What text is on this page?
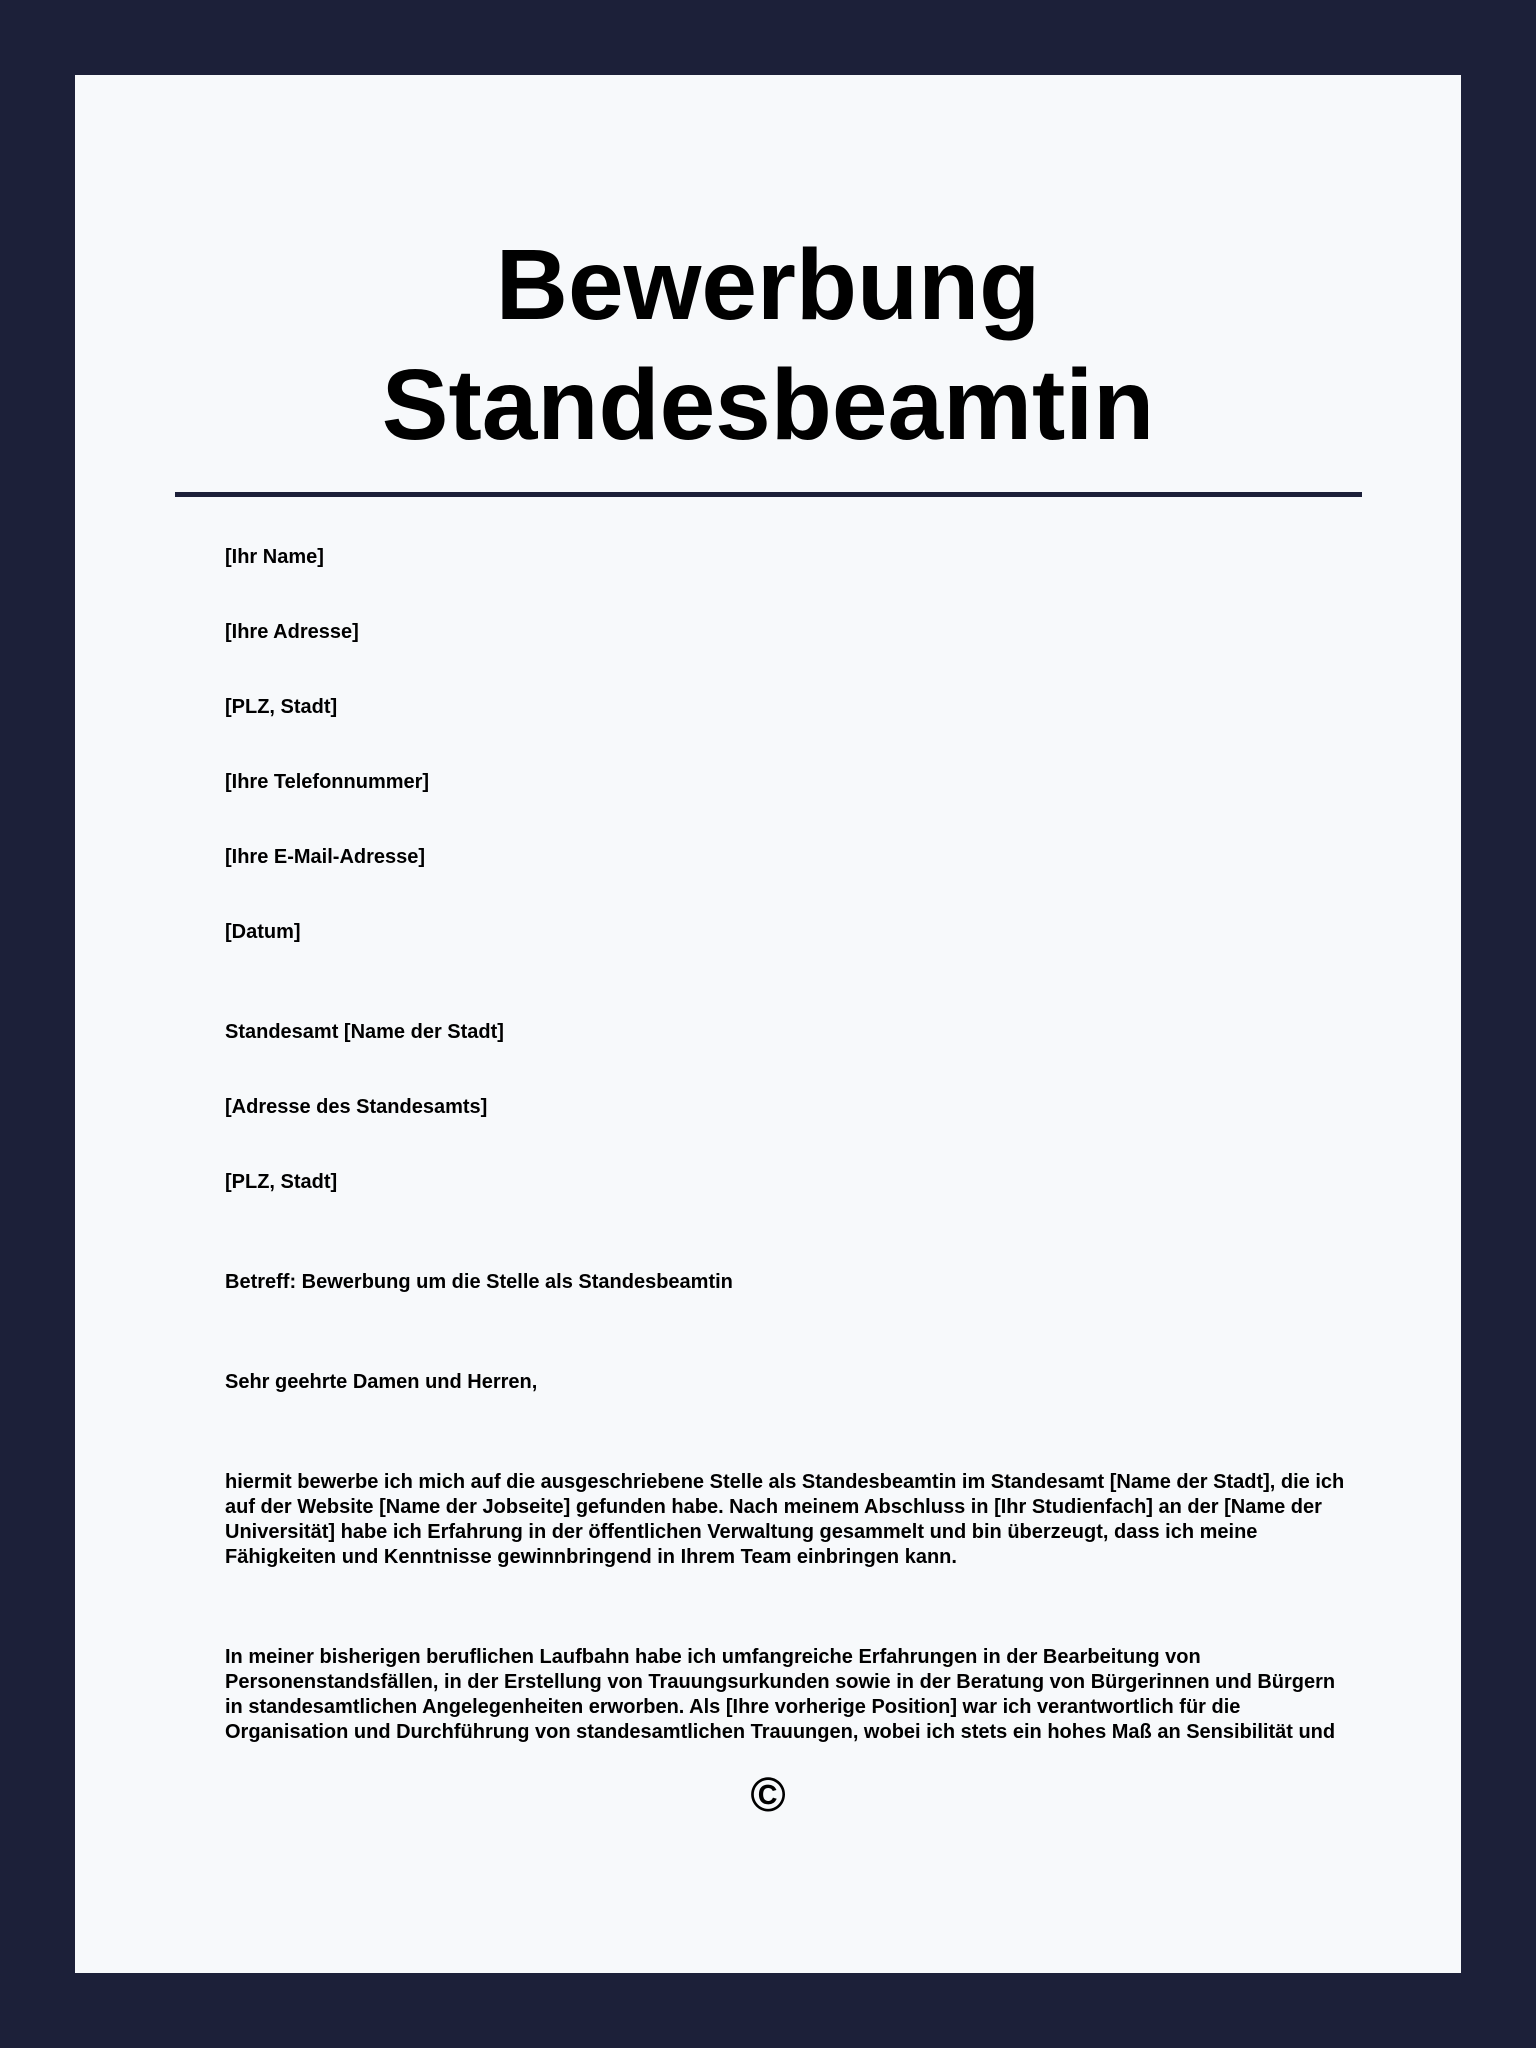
Bewerbung
Standesbeamtin
[Ihr Name]
[Ihre Adresse]
[PLZ, Stadt]
[Ihre Telefonnummer]
[Ihre E-Mail-Adresse]
[Datum]
Standesamt [Name der Stadt]
[Adresse des Standesamts]
[PLZ, Stadt]
Betreff: Bewerbung um die Stelle als Standesbeamtin
Sehr geehrte Damen und Herren,
hiermit bewerbe ich mich auf die ausgeschriebene Stelle als Standesbeamtin im Standesamt [Name der Stadt], die ich
auf der Website [Name der Jobseite] gefunden habe. Nach meinem Abschluss in [Ihr Studienfach] an der [Name der
Universität] habe ich Erfahrung in der öffentlichen Verwaltung gesammelt und bin überzeugt, dass ich meine
Fähigkeiten und Kenntnisse gewinnbringend in Ihrem Team einbringen kann.
In meiner bisherigen beruflichen Laufbahn habe ich umfangreiche Erfahrungen in der Bearbeitung von
Personenstandsfällen, in der Erstellung von Trauungsurkunden sowie in der Beratung von Bürgerinnen und Bürgern
in standesamtlichen Angelegenheiten erworben. Als [Ihre vorherige Position] war ich verantwortlich für die
Organisation und Durchführung von standesamtlichen Trauungen, wobei ich stets ein hohes Maß an Sensibilität und
©
